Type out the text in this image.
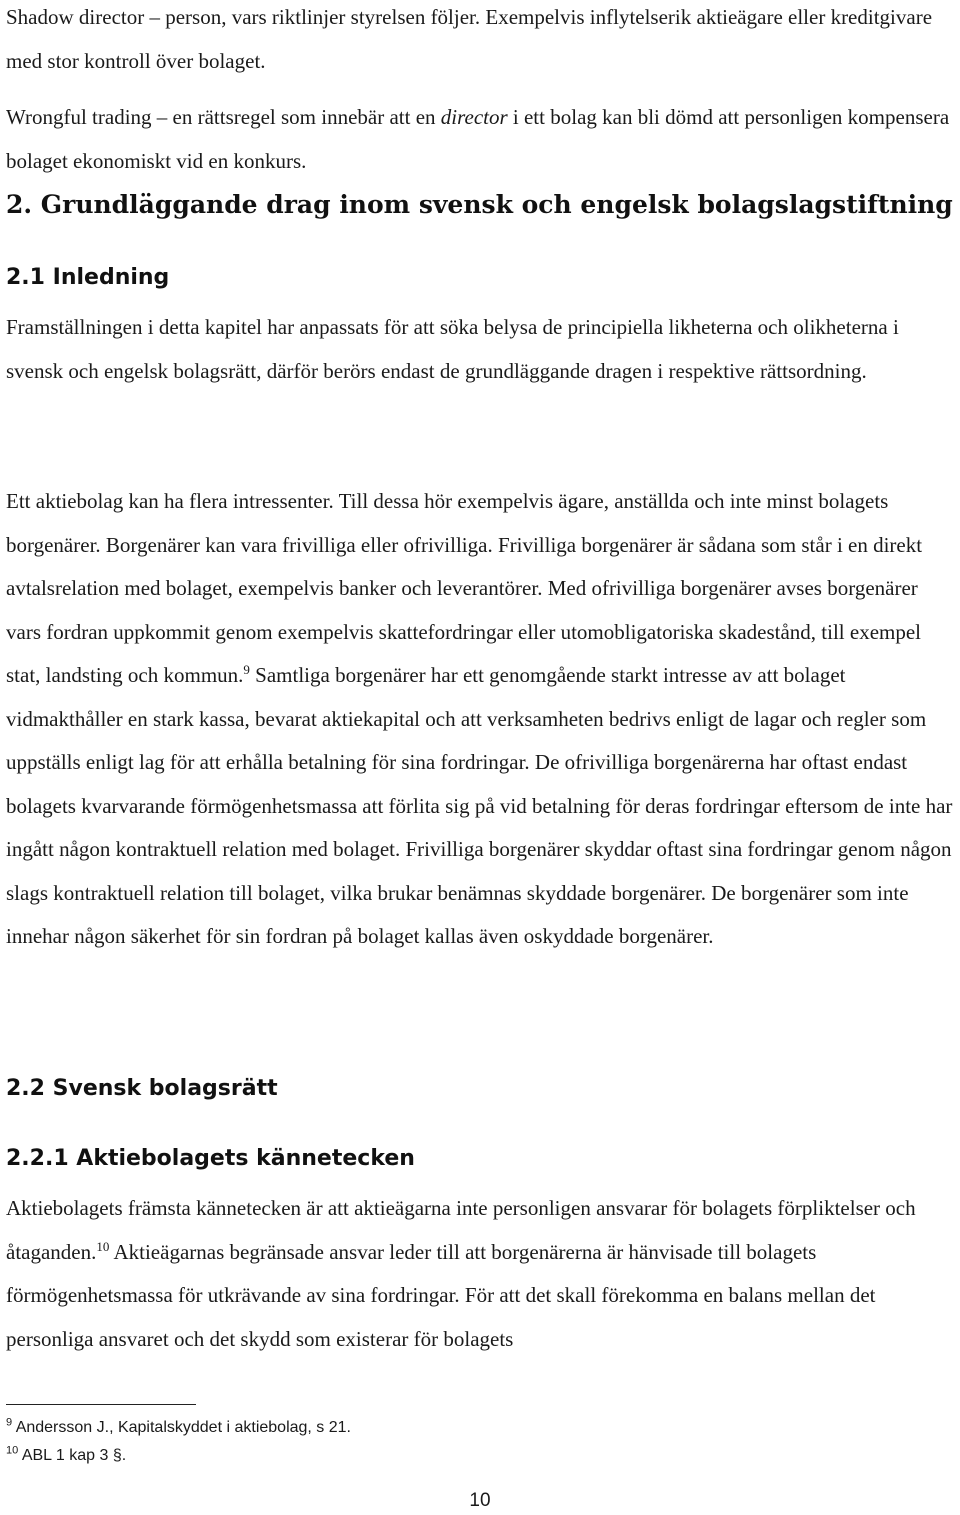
Shadow director – person, vars riktlinjer styrelsen följer. Exempelvis inflytelserik aktieägare eller kreditgivare med stor kontroll över bolaget.

Wrongful trading – en rättsregel som innebär att en director i ett bolag kan bli dömd att personligen kompensera bolaget ekonomiskt vid en konkurs.

2. Grundläggande drag inom svensk och engelsk bolagslagstiftning
2.1 Inledning

Framställningen i detta kapitel har anpassats för att söka belysa de principiella likheterna och olikheterna i svensk och engelsk bolagsrätt, därför berörs endast de grundläggande dragen i respektive rättsordning.

Ett aktiebolag kan ha flera intressenter. Till dessa hör exempelvis ägare, anställda och inte minst bolagets borgenärer. Borgenärer kan vara frivilliga eller ofrivilliga. Frivilliga borgenärer är sådana som står i en direkt avtalsrelation med bolaget, exempelvis banker och leverantörer. Med ofrivilliga borgenärer avses borgenärer vars fordran uppkommit genom exempelvis skattefordringar eller utomobligatoriska skadestånd, till exempel stat, landsting och kommun.$^9$ Samtliga borgenärer har ett genomgående starkt intresse av att bolaget vidmakthåller en stark kassa, bevarat aktiekapital och att verksamheten bedrivs enligt de lagar och regler som uppställs enligt lag för att erhålla betalning för sina fordringar. De ofrivilliga borgenärerna har oftast endast bolagets kvarvarande förmögenhetsmassa att förlita sig på vid betalning för deras fordringar eftersom de inte har ingått någon kontraktuell relation med bolaget. Frivilliga borgenärer skyddar oftast sina fordringar genom någon slags kontraktuell relation till bolaget, vilka brukar benämnas skyddade borgenärer. De borgenärer som inte innehar någon säkerhet för sin fordran på bolaget kallas även oskyddade borgenärer.

2.2 Svensk bolagsrätt
2.2.1 Aktiebolagets kännetecken

Aktiebolagets främsta kännetecken är att aktieägarna inte personligen ansvarar för bolagets förpliktelser och åtaganden.$^{10}$ Aktieägarnas begränsade ansvar leder till att borgenärerna är hänvisade till bolagets förmögenhetsmassa för utkrävande av sina fordringar. För att det skall förekomma en balans mellan det personliga ansvaret och det skydd som existerar för bolagets

$^9$ Andersson J., Kapitalskyddet i aktiebolag, s 21.

$^{10}$ ABL 1 kap 3 §.

10
